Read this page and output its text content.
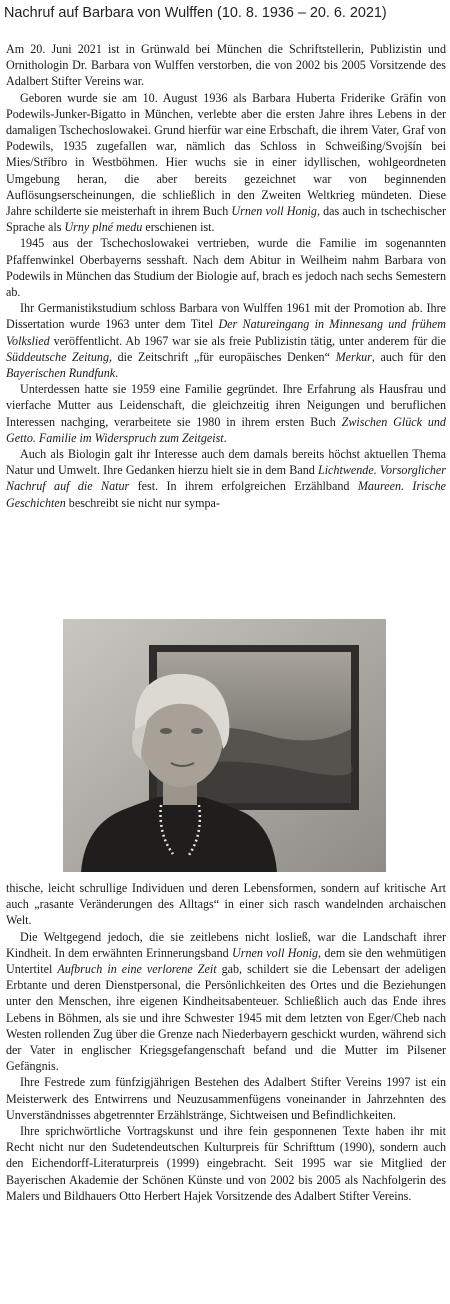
Nachruf auf Barbara von Wulffen (10. 8. 1936 – 20. 6. 2021)

Am 20. Juni 2021 ist in Grünwald bei München die Schriftstellerin, Publizistin und Ornithologin Dr. Barbara von Wulffen verstorben, die von 2002 bis 2005 Vorsitzende des Adalbert Stifter Vereins war.

Geboren wurde sie am 10. August 1936 als Barbara Huberta Friderike Gräfin von Podewils-Junker-Bigatto in München, verlebte aber die ersten Jahre ihres Lebens in der damaligen Tschechoslowakei. Grund hierfür war eine Erbschaft, die ihrem Vater, Graf von Podewils, 1935 zugefallen war, nämlich das Schloss in Schweißing/Svojšín bei Mies/Stříbro in Westböhmen. Hier wuchs sie in einer idyllischen, wohlgeordneten Umgebung heran, die aber bereits gezeichnet war von beginnenden Auflösungserscheinungen, die schließlich in den Zweiten Weltkrieg mündeten. Diese Jahre schilderte sie meisterhaft in ihrem Buch Urnen voll Honig, das auch in tschechischer Sprache als Urny plné medu erschienen ist.

1945 aus der Tschechoslowakei vertrieben, wurde die Familie im sogenannten Pfaffenwinkel Oberbayerns sesshaft. Nach dem Abitur in Weilheim nahm Barbara von Podewils in München das Studium der Biologie auf, brach es jedoch nach sechs Semestern ab.

Ihr Germanistikstudium schloss Barbara von Wulffen 1961 mit der Promotion ab. Ihre Dissertation wurde 1963 unter dem Titel Der Natureingang in Minnesang und frühem Volkslied veröffentlicht. Ab 1967 war sie als freie Publizistin tätig, unter anderem für die Süddeutsche Zeitung, die Zeitschrift „für europäisches Denken“ Merkur, auch für den Bayerischen Rundfunk.

Unterdessen hatte sie 1959 eine Familie gegründet. Ihre Erfahrung als Hausfrau und vierfache Mutter aus Leidenschaft, die gleichzeitig ihren Neigungen und beruflichen Interessen nachging, verarbeitete sie 1980 in ihrem ersten Buch Zwischen Glück und Getto. Familie im Widerspruch zum Zeitgeist.

Auch als Biologin galt ihr Interesse auch dem damals bereits höchst aktuellen Thema Natur und Umwelt. Ihre Gedanken hierzu hielt sie in dem Band Lichtwende. Vorsorglicher Nachruf auf die Natur fest. In ihrem erfolgreichen Erzählband Maureen. Irische Geschichten beschreibt sie nicht nur sympa-

thische, leicht schrullige Individuen und deren Lebensformen, sondern auf kritische Art auch „rasante Veränderungen des Alltags“ in einer sich rasch wandelnden archaischen Welt.

Die Weltgegend jedoch, die sie zeitlebens nicht losließ, war die Landschaft ihrer Kindheit. In dem erwähnten Erinnerungsband Urnen voll Honig, dem sie den wehmütigen Untertitel Aufbruch in eine verlorene Zeit gab, schildert sie die Lebensart der adeligen Erbtante und deren Dienstpersonal, die Persönlichkeiten des Ortes und die Beziehungen unter den Menschen, ihre eigenen Kindheitsabenteuer. Schließlich auch das Ende ihres Lebens in Böhmen, als sie und ihre Schwester 1945 mit dem letzten von Eger/Cheb nach Westen rollenden Zug über die Grenze nach Niederbayern geschickt wurden, während sich der Vater in englischer Kriegsgefangenschaft befand und die Mutter im Pilsener Gefängnis.

Ihre Festrede zum fünfzigjährigen Bestehen des Adalbert Stifter Vereins 1997 ist ein Meisterwerk des Entwirrens und Neuzusammenfügens voneinander in Jahrzehnten des Unverständnisses abgetrennter Erzählstränge, Sichtweisen und Befindlichkeiten.

Ihre sprichwörtliche Vortragskunst und ihre fein gesponnenen Texte haben ihr mit Recht nicht nur den Sudetendeutschen Kulturpreis für Schrifttum (1990), sondern auch den Eichendorff-Literaturpreis (1999) eingebracht. Seit 1995 war sie Mitglied der Bayerischen Akademie der Schönen Künste und von 2002 bis 2005 als Nachfolgerin des Malers und Bildhauers Otto Herbert Hajek Vorsitzende des Adalbert Stifter Vereins.
